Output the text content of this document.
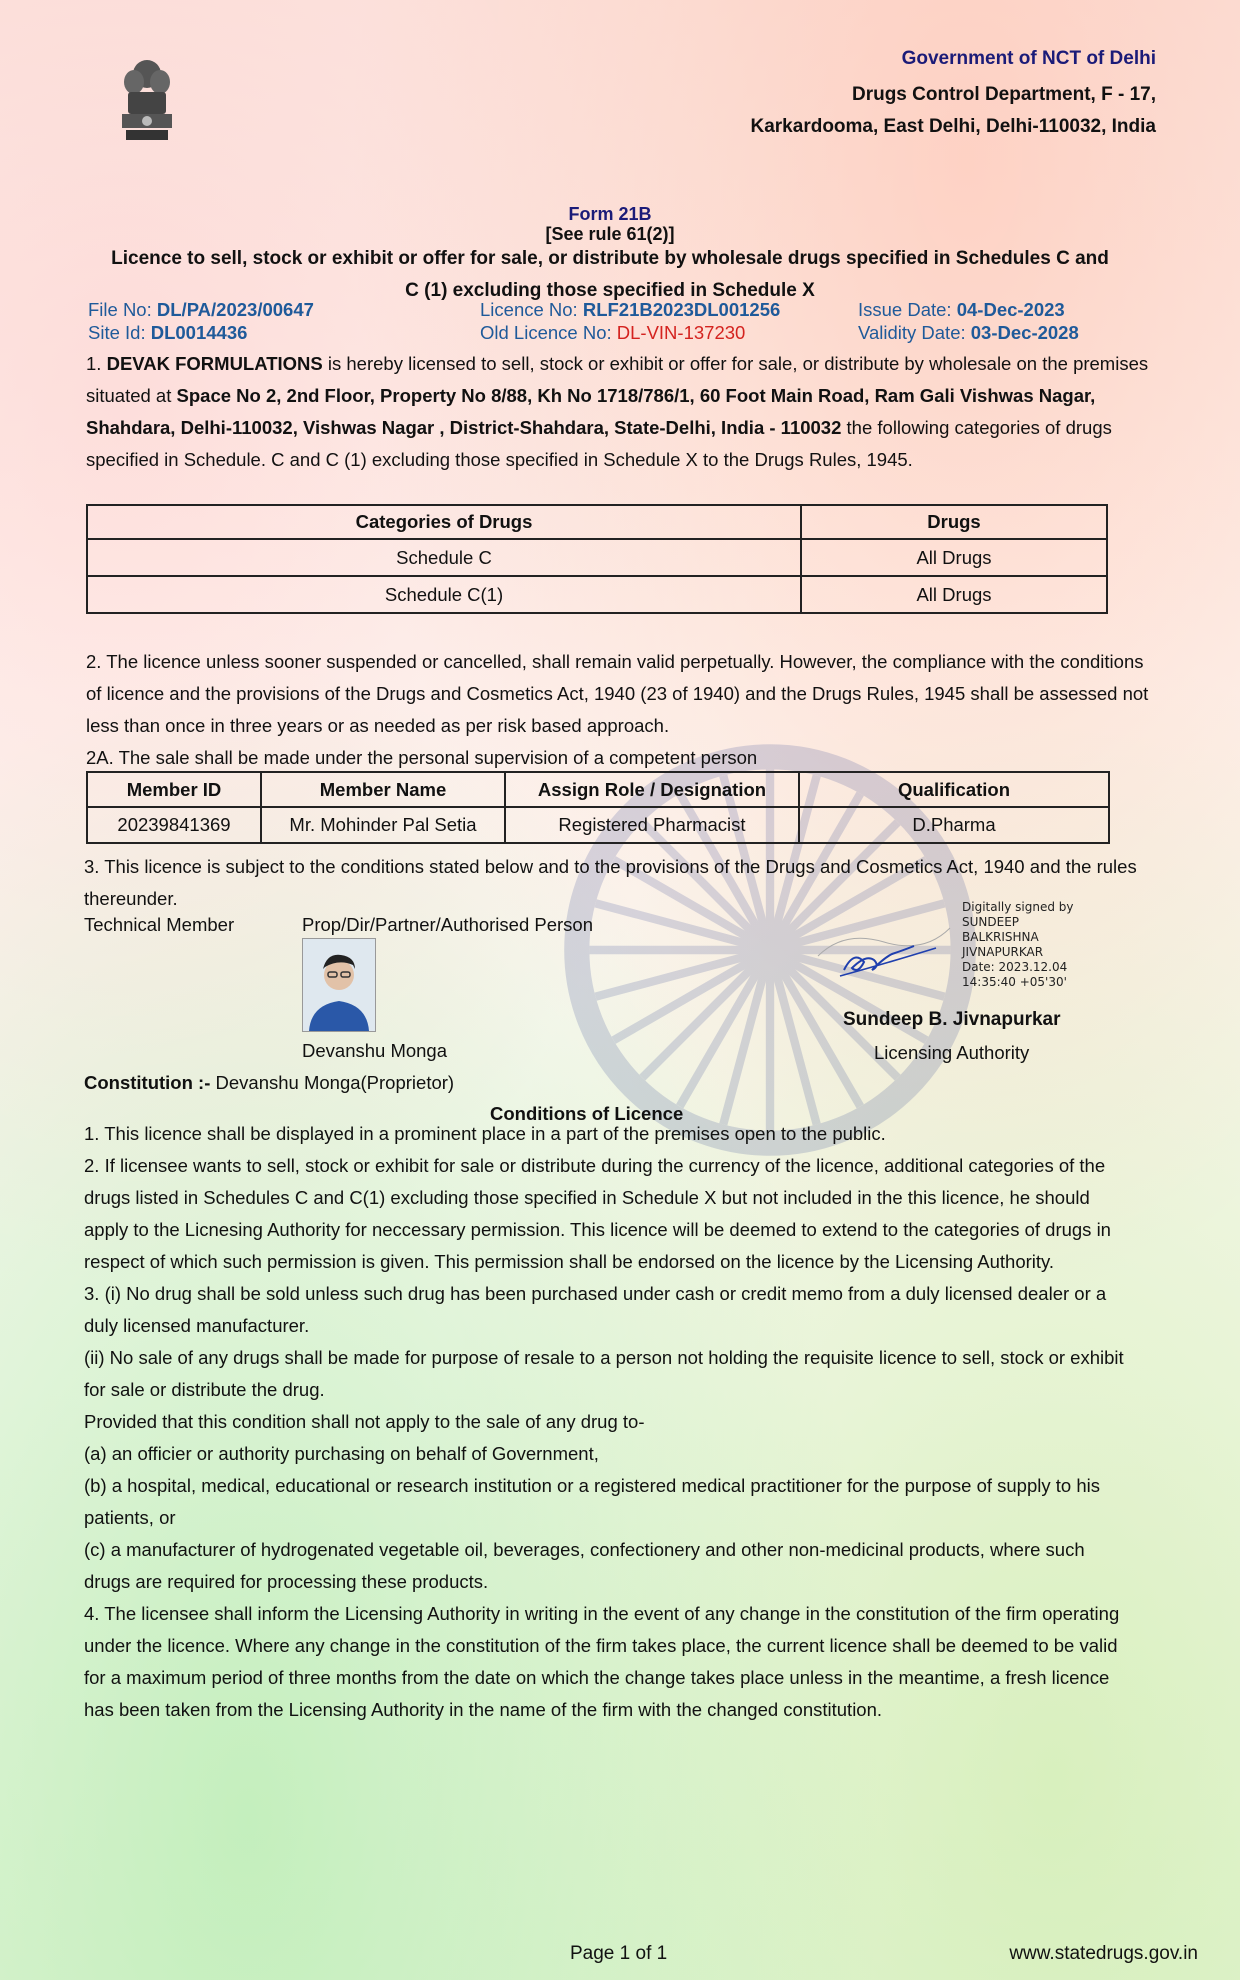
Government of NCT of Delhi
Drugs Control Department, F - 17,
Karkardooma, East Delhi, Delhi-110032, India
Form 21B
[See rule 61(2)]
Licence to sell, stock or exhibit or offer for sale, or distribute by wholesale drugs specified in Schedules C and
C (1) excluding those specified in Schedule X
File No: DL/PA/2023/00647	Licence No: RLF21B2023DL001256	Issue Date: 04-Dec-2023
Site Id: DL0014436	Old Licence No: DL-VIN-137230	Validity Date: 03-Dec-2028
1. DEVAK FORMULATIONS is hereby licensed to sell, stock or exhibit or offer for sale, or distribute by wholesale on the premises situated at Space No 2, 2nd Floor, Property No 8/88, Kh No 1718/786/1, 60 Foot Main Road, Ram Gali Vishwas Nagar, Shahdara, Delhi-110032, Vishwas Nagar , District-Shahdara, State-Delhi, India - 110032 the following categories of drugs specified in Schedule. C and C (1) excluding those specified in Schedule X to the Drugs Rules, 1945.
Categories of Drugs	Drugs
Schedule C	All Drugs
Schedule C(1)	All Drugs
2. The licence unless sooner suspended or cancelled, shall remain valid perpetually. However, the compliance with the conditions of licence and the provisions of the Drugs and Cosmetics Act, 1940 (23 of 1940) and the Drugs Rules, 1945 shall be assessed not less than once in three years or as needed as per risk based approach.
2A. The sale shall be made under the personal supervision of a competent person
Member ID	Member Name	Assign Role / Designation	Qualification
20239841369	Mr. Mohinder Pal Setia	Registered Pharmacist	D.Pharma
3. This licence is subject to the conditions stated below and to the provisions of the Drugs and Cosmetics Act, 1940 and the rules thereunder.
Technical Member	Prop/Dir/Partner/Authorised Person
Devanshu Monga
Digitally signed by
SUNDEEP
BALKRISHNA
JIVNAPURKAR
Date: 2023.12.04
14:35:40 +05'30'
Sundeep B. Jivnapurkar
Licensing Authority
Constitution :- Devanshu Monga(Proprietor)
Conditions of Licence
1. This licence shall be displayed in a prominent place in a part of the premises open to the public.
2. If licensee wants to sell, stock or exhibit for sale or distribute during the currency of the licence, additional categories of the drugs listed in Schedules C and C(1) excluding those specified in Schedule X but not included in the this licence, he should apply to the Licnesing Authority for neccessary permission. This licence will be deemed to extend to the categories of drugs in respect of which such permission is given. This permission shall be endorsed on the licence by the Licensing Authority.
3. (i) No drug shall be sold unless such drug has been purchased under cash or credit memo from a duly licensed dealer or a duly licensed manufacturer.
(ii) No sale of any drugs shall be made for purpose of resale to a person not holding the requisite licence to sell, stock or exhibit for sale or distribute the drug.
Provided that this condition shall not apply to the sale of any drug to-
(a) an officier or authority purchasing on behalf of Government,
(b) a hospital, medical, educational or research institution or a registered medical practitioner for the purpose of supply to his patients, or
(c) a manufacturer of hydrogenated vegetable oil, beverages, confectionery and other non-medicinal products, where such drugs are required for processing these products.
4. The licensee shall inform the Licensing Authority in writing in the event of any change in the constitution of the firm operating under the licence. Where any change in the constitution of the firm takes place, the current licence shall be deemed to be valid for a maximum period of three months from the date on which the change takes place unless in the meantime, a fresh licence has been taken from the Licensing Authority in the name of the firm with the changed constitution.
Page 1 of 1	www.statedrugs.gov.in
